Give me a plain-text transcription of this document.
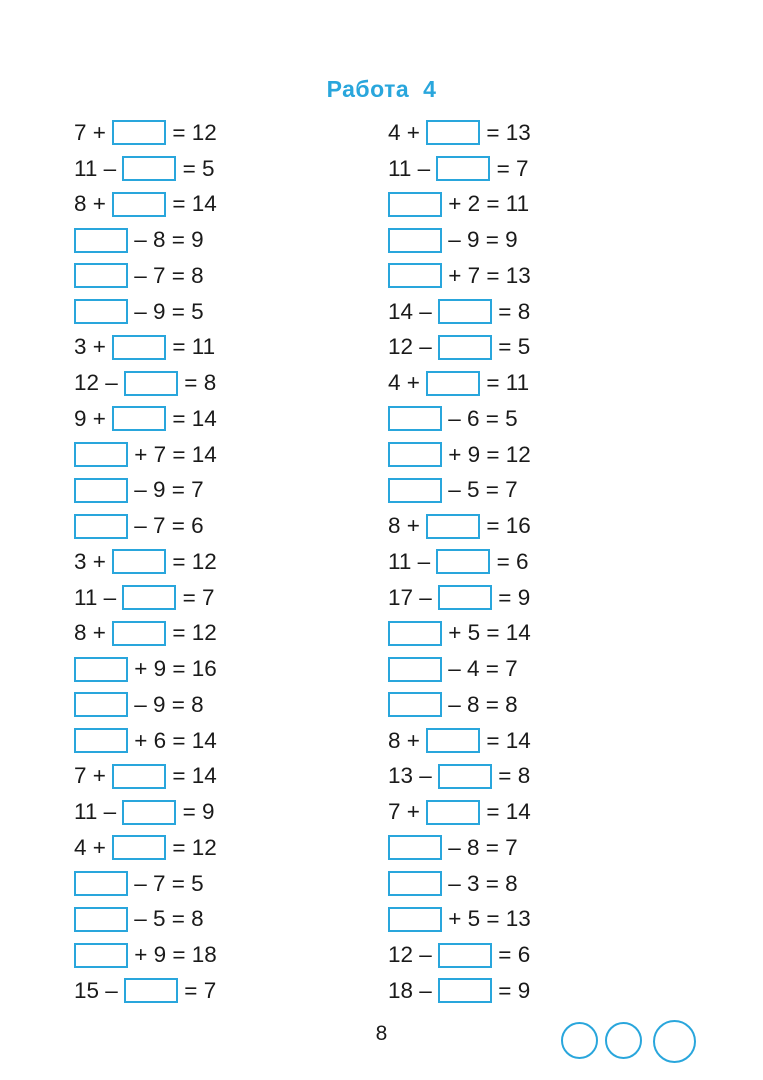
Работа 4
7 + = 12
11 – = 5
8 + = 14
– 8 = 9
– 7 = 8
– 9 = 5
3 + = 11
12 – = 8
9 + = 14
+ 7 = 14
– 9 = 7
– 7 = 6
3 + = 12
11 – = 7
8 + = 12
+ 9 = 16
– 9 = 8
+ 6 = 14
7 + = 14
11 – = 9
4 + = 12
– 7 = 5
– 5 = 8
+ 9 = 18
15 – = 7
4 + = 13
11 – = 7
+ 2 = 11
– 9 = 9
+ 7 = 13
14 – = 8
12 – = 5
4 + = 11
– 6 = 5
+ 9 = 12
– 5 = 7
8 + = 16
11 – = 6
17 – = 9
+ 5 = 14
– 4 = 7
– 8 = 8
8 + = 14
13 – = 8
7 + = 14
– 8 = 7
– 3 = 8
+ 5 = 13
12 – = 6
18 – = 9
8
